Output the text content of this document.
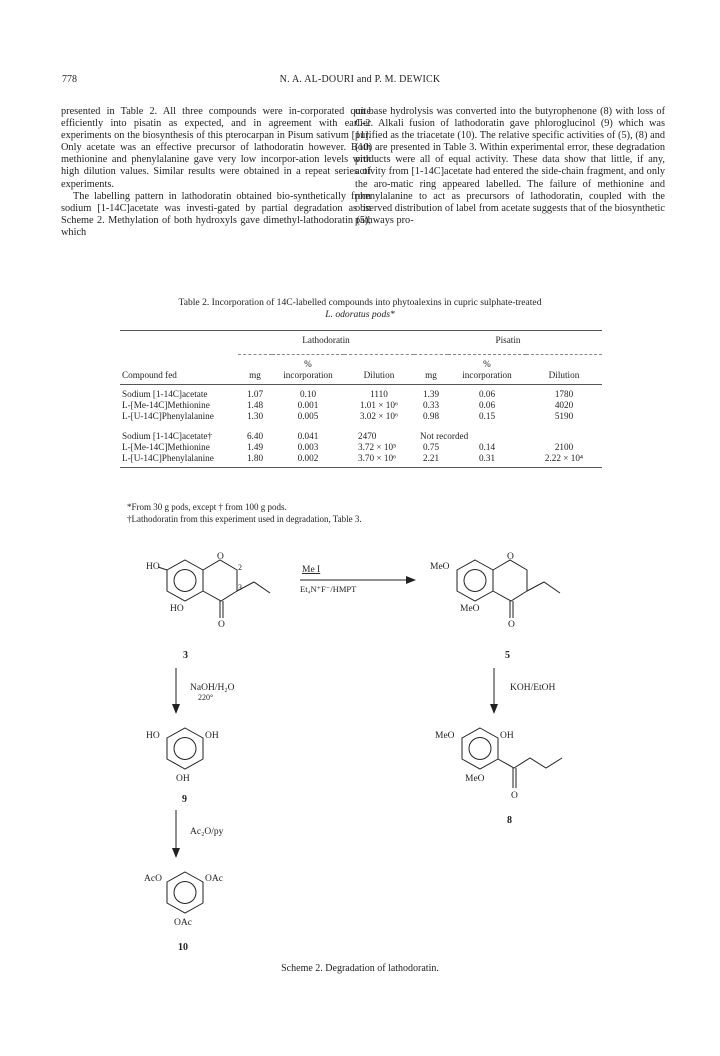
778	N. A. AL-DOURI and P. M. DEWICK

presented in Table 2. All three compounds were in-corporated quite efficiently into pisatin as expected, and in agreement with earlier experiments on the biosynthesis of this pterocarpan in Pisum sativum [11]. Only acetate was an effective precursor of lathodoratin however. Both methionine and phenylalanine gave very low incorpor-ation levels with high dilution values. Similar results were obtained in a repeat series of experiments.

The labelling pattern in lathodoratin obtained bio-synthetically from sodium [1-14C]acetate was investi-gated by partial degradation as in Scheme 2. Methylation of both hydroxyls gave dimethyl-lathodoratin (5), which

on base hydrolysis was converted into the butyrophenone (8) with loss of C-2. Alkali fusion of lathodoratin gave phloroglucinol (9) which was purified as the triacetate (10). The relative specific activities of (5), (8) and (10) are presented in Table 3. Within experimental error, these degradation products were all of equal activity. These data show that little, if any, activity from [1-14C]acetate had entered the side-chain fragment, and only the aro-matic ring appeared labelled. The failure of methionine and phenylalanine to act as precursors of lathodoratin, coupled with the observed distribution of label from acetate suggests that of the biosynthetic pathways pro-

Table 2. Incorporation of 14C-labelled compounds into phytoalexins in cupric sulphate-treated
L. odoratus pods*
	Lathodoratin			Pisatin		

		%			%	
Compound fed	mg	incorporation	Dilution	mg	incorporation	Dilution
Sodium [1-14C]acetate	1.07	0.10	1110	1.39	0.06	1780
L-[Me-14C]Methionine	1.48	0.001	1.01 × 10⁶	0.33	0.06	4020
L-[U-14C]Phenylalanine	1.30	0.005	3.02 × 10⁶	0.98	0.15	5190
Sodium [1-14C]acetate†	6.40	0.041	2470	Not recorded		
L-[Me-14C]Methionine	1.49	0.003	3.72 × 10⁵	0.75	0.14	2100
L-[U-14C]Phenylalanine	1.80	0.002	3.70 × 10⁶	2.21	0.31	2.22 × 10⁴
*From 30 g pods, except † from 100 g pods.
†Lathodoratin from this experiment used in degradation, Table 3.
HO
O
2
3
HO
O
Me I
Et₄N⁺F⁻/HMPT
MeO
O
MeO
O
3	5
NaOH/H₂O
220°
KOH/EtOH
HO	OH
OH
9
MeO	OH
MeO
O
8
Ac₂O/py
AcO	OAc
OAc
10
Scheme 2. Degradation of lathodoratin.
